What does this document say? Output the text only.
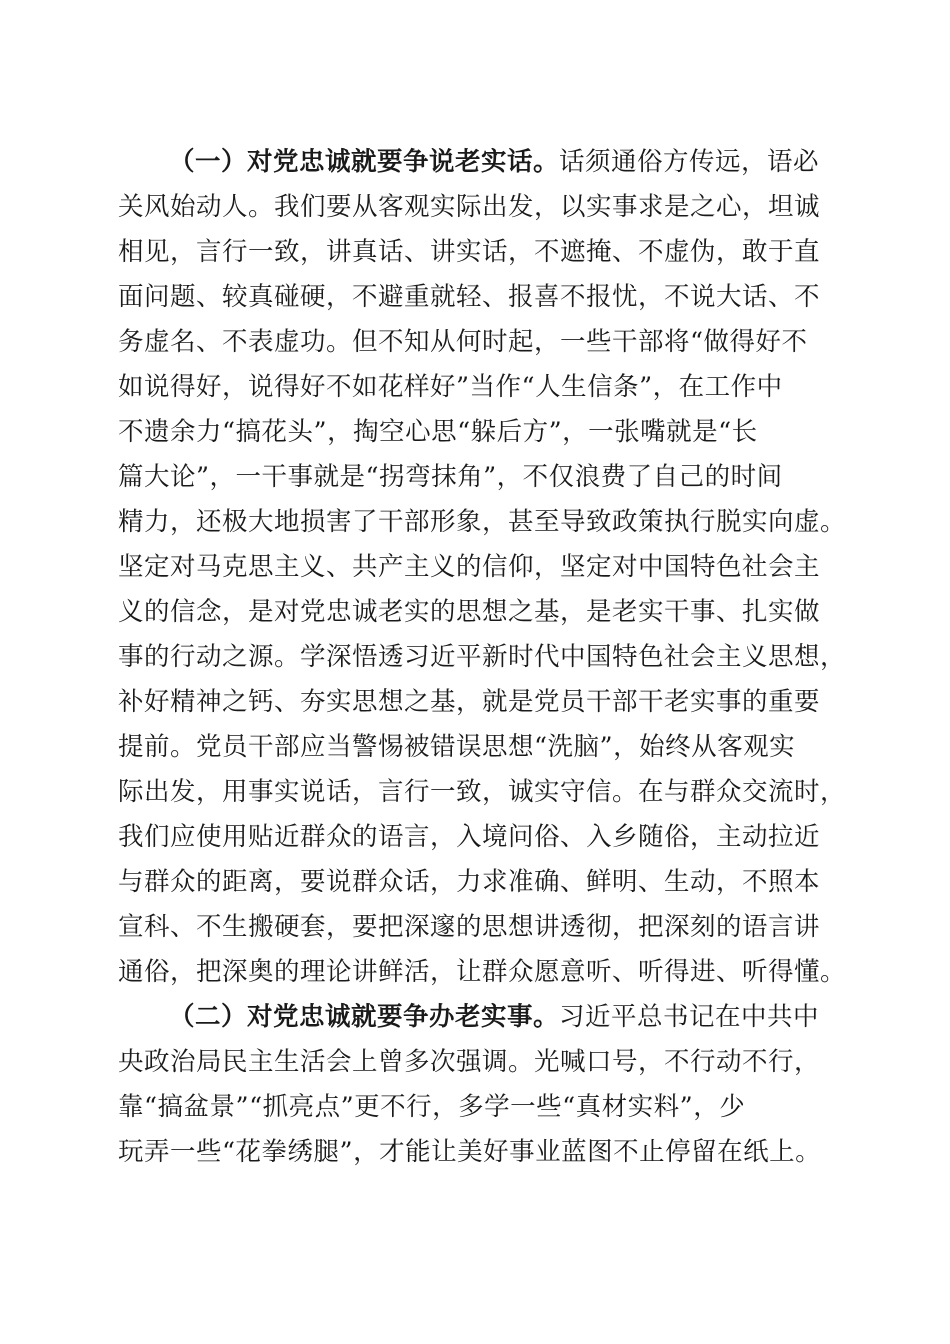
（一）对党忠诚就要争说老实话。话须通俗方传远，语必
关风始动人。我们要从客观实际出发，以实事求是之心，坦诚
相见，言行一致，讲真话、讲实话，不遮掩、不虚伪，敢于直
面问题、较真碰硬，不避重就轻、报喜不报忧，不说大话、不
务虚名、不表虚功。但不知从何时起，一些干部将“做得好不
如说得好，说得好不如花样好”当作“人生信条”，在工作中
不遗余力“搞花头”，掏空心思“躲后方”，一张嘴就是“长
篇大论”，一干事就是“拐弯抹角”，不仅浪费了自己的时间
精力，还极大地损害了干部形象，甚至导致政策执行脱实向虚。
坚定对马克思主义、共产主义的信仰，坚定对中国特色社会主
义的信念，是对党忠诚老实的思想之基，是老实干事、扎实做
事的行动之源。学深悟透习近平新时代中国特色社会主义思想，
补好精神之钙、夯实思想之基，就是党员干部干老实事的重要
提前。党员干部应当警惕被错误思想“洗脑”，始终从客观实
际出发，用事实说话，言行一致，诚实守信。在与群众交流时，
我们应使用贴近群众的语言，入境问俗、入乡随俗，主动拉近
与群众的距离，要说群众话，力求准确、鲜明、生动，不照本
宣科、不生搬硬套，要把深邃的思想讲透彻，把深刻的语言讲
通俗，把深奥的理论讲鲜活，让群众愿意听、听得进、听得懂。
（二）对党忠诚就要争办老实事。习近平总书记在中共中
央政治局民主生活会上曾多次强调。光喊口号，不行动不行，
靠“搞盆景”“抓亮点”更不行，多学一些“真材实料”，少
玩弄一些“花拳绣腿”，才能让美好事业蓝图不止停留在纸上。
